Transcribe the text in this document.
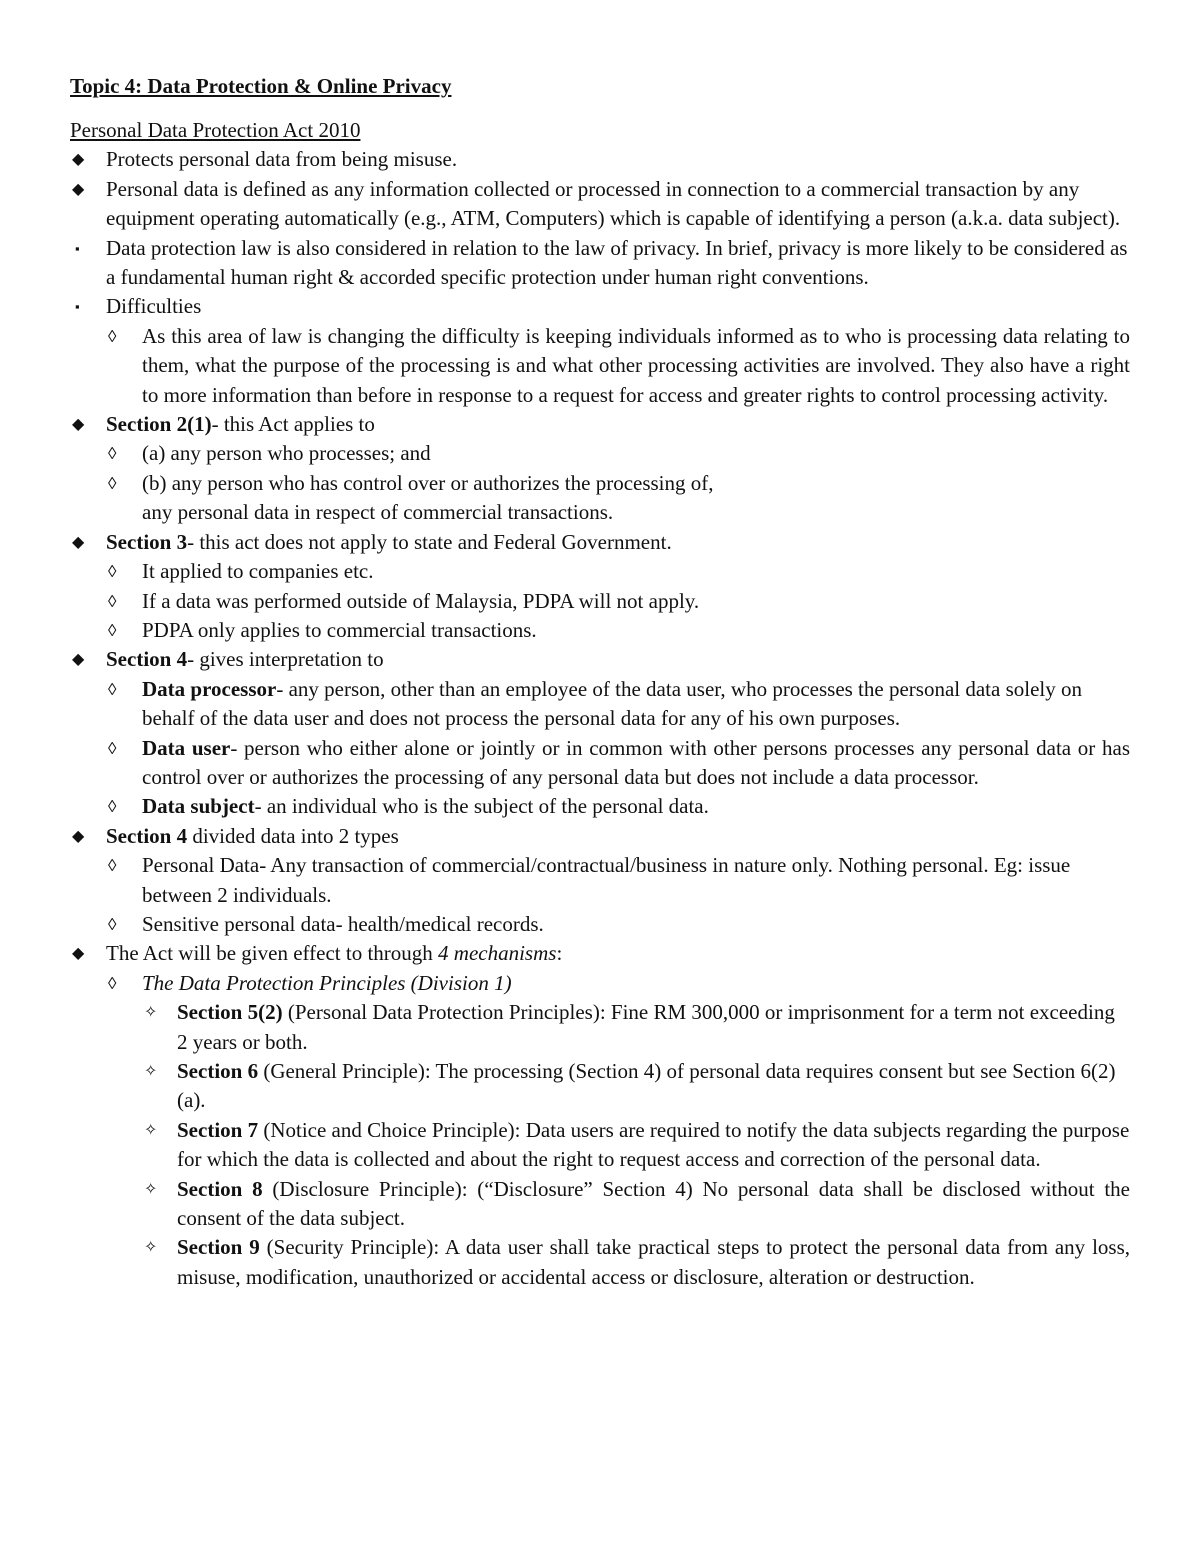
Topic 4: Data Protection & Online Privacy
Personal Data Protection Act 2010
◆ Protects personal data from being misuse.
◆ Personal data is defined as any information collected or processed in connection to a commercial transaction by any equipment operating automatically (e.g., ATM, Computers) which is capable of identifying a person (a.k.a. data subject).
▪ Data protection law is also considered in relation to the law of privacy. In brief, privacy is more likely to be considered as a fundamental human right & accorded specific protection under human right conventions.
▪ Difficulties
◊ As this area of law is changing the difficulty is keeping individuals informed as to who is processing data relating to them, what the purpose of the processing is and what other processing activities are involved. They also have a right to more information than before in response to a request for access and greater rights to control processing activity.
◆ Section 2(1)- this Act applies to
◊ (a) any person who processes; and
◊ (b) any person who has control over or authorizes the processing of,
any personal data in respect of commercial transactions.
◆ Section 3- this act does not apply to state and Federal Government.
◊ It applied to companies etc.
◊ If a data was performed outside of Malaysia, PDPA will not apply.
◊ PDPA only applies to commercial transactions.
◆ Section 4- gives interpretation to
◊ Data processor- any person, other than an employee of the data user, who processes the personal data solely on behalf of the data user and does not process the personal data for any of his own purposes.
◊ Data user- person who either alone or jointly or in common with other persons processes any personal data or has control over or authorizes the processing of any personal data but does not include a data processor.
◊ Data subject- an individual who is the subject of the personal data.
◆ Section 4 divided data into 2 types
◊ Personal Data- Any transaction of commercial/contractual/business in nature only. Nothing personal. Eg: issue between 2 individuals.
◊ Sensitive personal data- health/medical records.
◆ The Act will be given effect to through 4 mechanisms:
◊ The Data Protection Principles (Division 1)
✧ Section 5(2) (Personal Data Protection Principles): Fine RM 300,000 or imprisonment for a term not exceeding 2 years or both.
✧ Section 6 (General Principle): The processing (Section 4) of personal data requires consent but see Section 6(2)(a).
✧ Section 7 (Notice and Choice Principle): Data users are required to notify the data subjects regarding the purpose for which the data is collected and about the right to request access and correction of the personal data.
✧ Section 8 (Disclosure Principle): (“Disclosure” Section 4) No personal data shall be disclosed without the consent of the data subject.
✧ Section 9 (Security Principle): A data user shall take practical steps to protect the personal data from any loss, misuse, modification, unauthorized or accidental access or disclosure, alteration or destruction.
